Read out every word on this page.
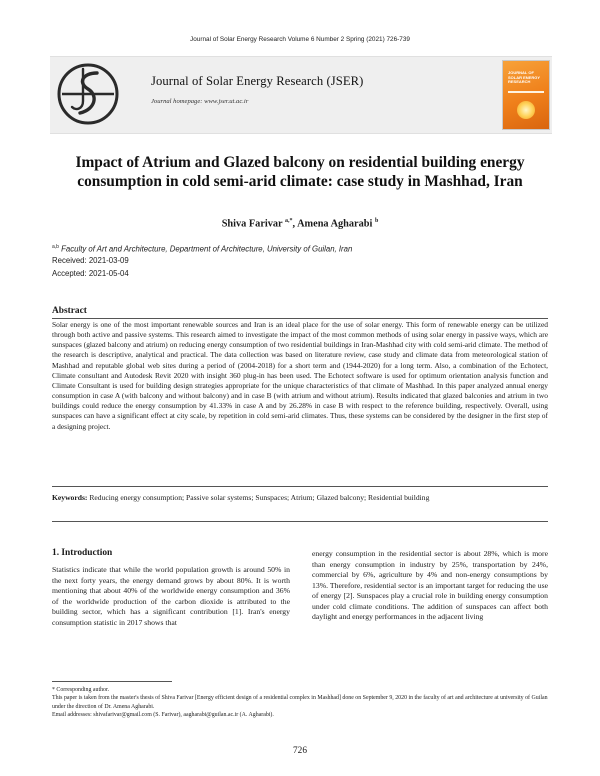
Journal of Solar Energy Research Volume 6 Number 2 Spring (2021) 726-739
Journal of Solar Energy Research (JSER)
Journal homepage: www.jser.ut.ac.ir
JOURNAL OF SOLAR ENERGY RESEARCH
Impact of Atrium and Glazed balcony on residential building energy consumption in cold semi-arid climate: case study in Mashhad, Iran
Shiva Farivar $^{a,*}$, Amena Agharabi $^b$
$^{a,b}$ Faculty of Art and Architecture, Department of Architecture, University of Guilan, Iran
Received: 2021-03-09
Accepted: 2021-05-04
Abstract
Solar energy is one of the most important renewable sources and Iran is an ideal place for the use of solar energy. This form of renewable energy can be utilized through both active and passive systems. This research aimed to investigate the impact of the most common methods of using solar energy in passive ways, which are sunspaces (glazed balcony and atrium) on reducing energy consumption of two residential buildings in Iran-Mashhad city with cold semi-arid climate. The method of the research is descriptive, analytical and practical. The data collection was based on literature review, case study and climate data from meteorological station of Mashhad and reputable global web sites during a period of (2004-2018) for a short term and (1944-2020) for a long term. Also, a combination of the Echotect, Climate consultant and Autodesk Revit 2020 with insight 360 plug-in has been used. The Echotect software is used for optimum orientation analysis function and Climate Consultant is used for building design strategies appropriate for the unique characteristics of that climate of Mashhad. In this paper analyzed annual energy consumption in case A (with balcony and without balcony) and in case B (with atrium and without atrium). Results indicated that glazed balconies and atrium in two buildings could reduce the energy consumption by 41.33% in case A and by 26.28% in case B with respect to the reference building, respectively. Overall, using sunspaces can have a significant effect at city scale, by repetition in cold semi-arid climates. Thus, these systems can be considered by the designer in the first step of a designing project.
Keywords: Reducing energy consumption; Passive solar systems; Sunspaces; Atrium; Glazed balcony; Residential building
1. Introduction
Statistics indicate that while the world population growth is around 50% in the next forty years, the energy demand grows by about 80%. It is worth mentioning that about 40% of the worldwide energy consumption and 36% of the worldwide production of the carbon dioxide is attributed to the building sector, which has a significant contribution [1]. Iran's energy consumption statistic in 2017 shows that
energy consumption in the residential sector is about 28%, which is more than energy consumption in industry by 25%, transportation by 24%, commercial by 6%, agriculture by 4% and non-energy consumptions by 13%. Therefore, residential sector is an important target for reducing the use of energy [2]. Sunspaces play a crucial role in building energy consumption under cold climate conditions. The addition of sunspaces can affect both daylight and energy performances in the adjacent living

* Corresponding author.

This paper is taken from the master's thesis of Shiva Farivar [Energy efficient design of a residential complex in Mashhad] done on September 9, 2020 in the faculty of art and architecture at university of Guilan under the direction of Dr. Amena Agharabi.

Email addresses: shivafarivar@gmail.com (S. Farivar), aagharabi@guilan.ac.ir (A. Agharabi).

726
